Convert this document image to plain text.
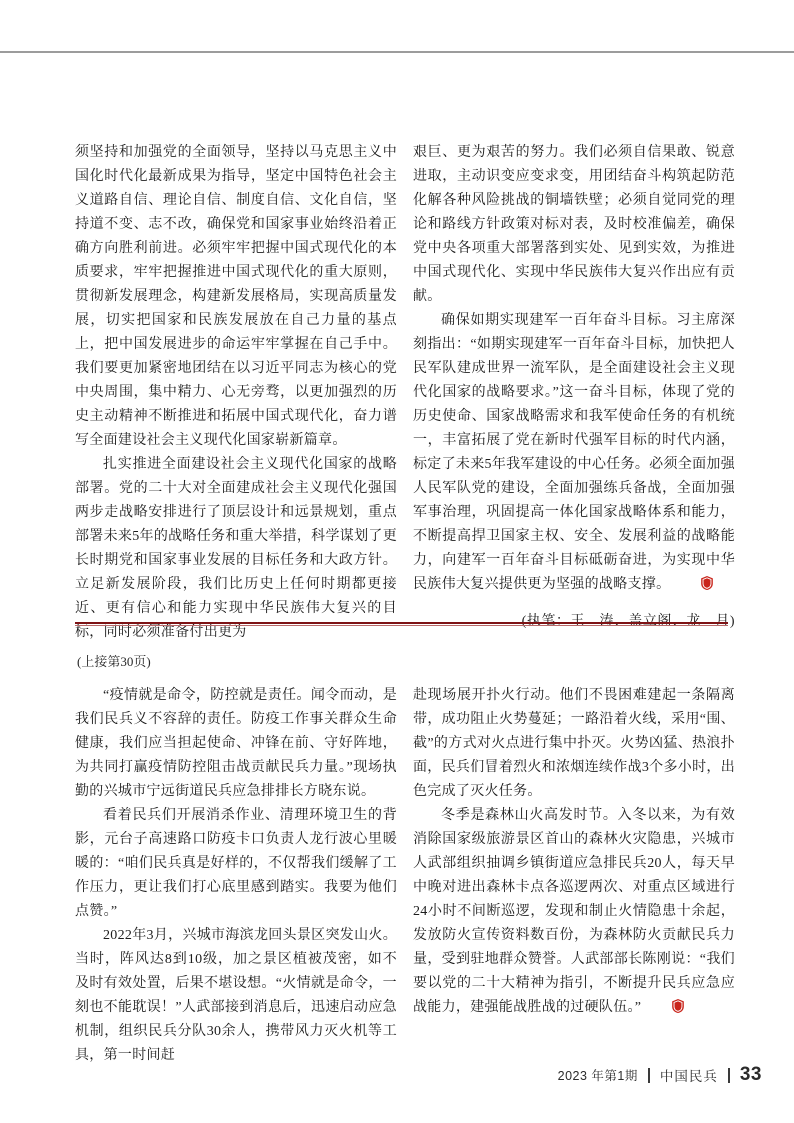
须坚持和加强党的全面领导，坚持以马克思主义中国化时代化最新成果为指导，坚定中国特色社会主义道路自信、理论自信、制度自信、文化自信，坚持道不变、志不改，确保党和国家事业始终沿着正确方向胜利前进。必须牢牢把握中国式现代化的本质要求，牢牢把握推进中国式现代化的重大原则，贯彻新发展理念，构建新发展格局，实现高质量发展，切实把国家和民族发展放在自己力量的基点上，把中国发展进步的命运牢牢掌握在自己手中。我们要更加紧密地团结在以习近平同志为核心的党中央周围，集中精力、心无旁骛，以更加强烈的历史主动精神不断推进和拓展中国式现代化，奋力谱写全面建设社会主义现代化国家崭新篇章。

扎实推进全面建设社会主义现代化国家的战略部署。党的二十大对全面建成社会主义现代化强国两步走战略安排进行了顶层设计和远景规划，重点部署未来5年的战略任务和重大举措，科学谋划了更长时期党和国家事业发展的目标任务和大政方针。立足新发展阶段，我们比历史上任何时期都更接近、更有信心和能力实现中华民族伟大复兴的目标，同时必须准备付出更为

艰巨、更为艰苦的努力。我们必须自信果敢、锐意进取，主动识变应变求变，用团结奋斗构筑起防范化解各种风险挑战的铜墙铁壁；必须自觉同党的理论和路线方针政策对标对表，及时校准偏差，确保党中央各项重大部署落到实处、见到实效，为推进中国式现代化、实现中华民族伟大复兴作出应有贡献。

确保如期实现建军一百年奋斗目标。习主席深刻指出：“如期实现建军一百年奋斗目标，加快把人民军队建成世界一流军队，是全面建设社会主义现代化国家的战略要求。”这一奋斗目标，体现了党的历史使命、国家战略需求和我军使命任务的有机统一，丰富拓展了党在新时代强军目标的时代内涵，标定了未来5年我军建设的中心任务。必须全面加强人民军队党的建设，全面加强练兵备战，全面加强军事治理，巩固提高一体化国家战略体系和能力，不断提高捍卫国家主权、安全、发展利益的战略能力，向建军一百年奋斗目标砥砺奋进，为实现中华民族伟大复兴提供更为坚强的战略支撑。

(执笔：王　涛、盖立阁、龙　月)
(上接第30页)

“疫情就是命令，防控就是责任。闻令而动，是我们民兵义不容辞的责任。防疫工作事关群众生命健康，我们应当担起使命、冲锋在前、守好阵地，为共同打赢疫情防控阻击战贡献民兵力量。”现场执勤的兴城市宁远街道民兵应急排排长方晓东说。

看着民兵们开展消杀作业、清理环境卫生的背影，元台子高速路口防疫卡口负责人龙行波心里暖暖的：“咱们民兵真是好样的，不仅帮我们缓解了工作压力，更让我们打心底里感到踏实。我要为他们点赞。”

2022年3月，兴城市海滨龙回头景区突发山火。当时，阵风达8到10级，加之景区植被茂密，如不及时有效处置，后果不堪设想。“火情就是命令，一刻也不能耽误！”人武部接到消息后，迅速启动应急机制，组织民兵分队30余人，携带风力灭火机等工具，第一时间赶

赴现场展开扑火行动。他们不畏困难建起一条隔离带，成功阻止火势蔓延；一路沿着火线，采用“围、截”的方式对火点进行集中扑灭。火势凶猛、热浪扑面，民兵们冒着烈火和浓烟连续作战3个多小时，出色完成了灭火任务。

冬季是森林山火高发时节。入冬以来，为有效消除国家级旅游景区首山的森林火灾隐患，兴城市人武部组织抽调乡镇街道应急排民兵20人，每天早中晚对进出森林卡点各巡逻两次、对重点区域进行24小时不间断巡逻，发现和制止火情隐患十余起，发放防火宣传资料数百份，为森林防火贡献民兵力量，受到驻地群众赞誉。人武部部长陈刚说：“我们要以党的二十大精神为指引，不断提升民兵应急应战能力，建强能战胜战的过硬队伍。”

2023 年第1期 中国民兵 33
